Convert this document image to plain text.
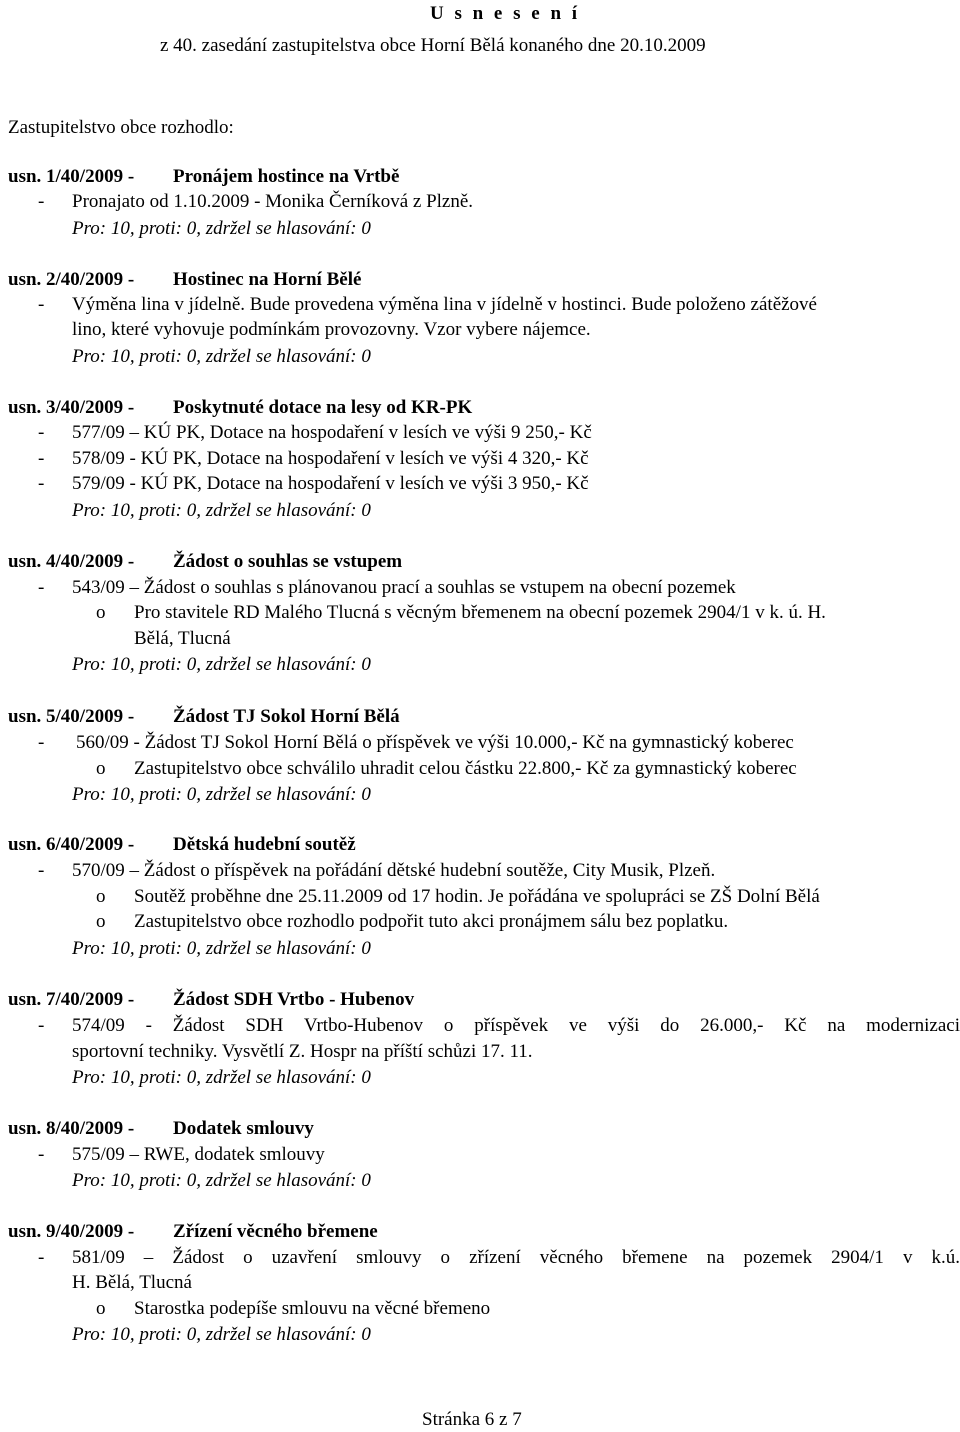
U s n e s e n í
z 40. zasedání zastupitelstva obce Horní Bělá konaného dne 20.10.2009
Zastupitelstvo obce rozhodlo:
usn. 1/40/2009 - Pronájem hostince na Vrtbě
- Pronajato od 1.10.2009 - Monika Černíková z Plzně.
Pro: 10, proti: 0, zdržel se hlasování: 0
usn. 2/40/2009 - Hostinec na Horní Bělé
- Výměna lina v jídelně. Bude provedena výměna lina v jídelně v hostinci. Bude položeno zátěžové
lino, které vyhovuje podmínkám provozovny. Vzor vybere nájemce.
Pro: 10, proti: 0, zdržel se hlasování: 0
usn. 3/40/2009 - Poskytnuté dotace na lesy od KR-PK
- 577/09 – KÚ PK, Dotace na hospodaření v lesích ve výši 9 250,- Kč
- 578/09 - KÚ PK, Dotace na hospodaření v lesích ve výši 4 320,- Kč
- 579/09 - KÚ PK, Dotace na hospodaření v lesích ve výši 3 950,- Kč
Pro: 10, proti: 0, zdržel se hlasování: 0
usn. 4/40/2009 - Žádost o souhlas se vstupem
- 543/09 – Žádost o souhlas s plánovanou prací a souhlas se vstupem na obecní pozemek
o Pro stavitele RD Malého Tlucná s věcným břemenem na obecní pozemek 2904/1 v k. ú. H.
Bělá, Tlucná
Pro: 10, proti: 0, zdržel se hlasování: 0
usn. 5/40/2009 - Žádost TJ Sokol Horní Bělá
- 560/09 - Žádost TJ Sokol Horní Bělá o příspěvek ve výši 10.000,- Kč na gymnastický koberec
o Zastupitelstvo obce schválilo uhradit celou částku 22.800,- Kč za gymnastický koberec
Pro: 10, proti: 0, zdržel se hlasování: 0
usn. 6/40/2009 - Dětská hudební soutěž
- 570/09 – Žádost o příspěvek na pořádání dětské hudební soutěže, City Musik, Plzeň.
o Soutěž proběhne dne 25.11.2009 od 17 hodin. Je pořádána ve spolupráci se ZŠ Dolní Bělá
o Zastupitelstvo obce rozhodlo podpořit tuto akci pronájmem sálu bez poplatku.
Pro: 10, proti: 0, zdržel se hlasování: 0
usn. 7/40/2009 - Žádost SDH Vrtbo - Hubenov
- 574/09 - Žádost SDH Vrtbo-Hubenov o příspěvek ve výši do 26.000,- Kč na modernizaci
sportovní techniky. Vysvětlí Z. Hospr na příští schůzi 17. 11.
Pro: 10, proti: 0, zdržel se hlasování: 0
usn. 8/40/2009 - Dodatek smlouvy
- 575/09 – RWE, dodatek smlouvy
Pro: 10, proti: 0, zdržel se hlasování: 0
usn. 9/40/2009 - Zřízení věcného břemene
- 581/09 – Žádost o uzavření smlouvy o zřízení věcného břemene na pozemek 2904/1 v k.ú.
H. Bělá, Tlucná
o Starostka podepíše smlouvu na věcné břemeno
Pro: 10, proti: 0, zdržel se hlasování: 0
Stránka 6 z 7
